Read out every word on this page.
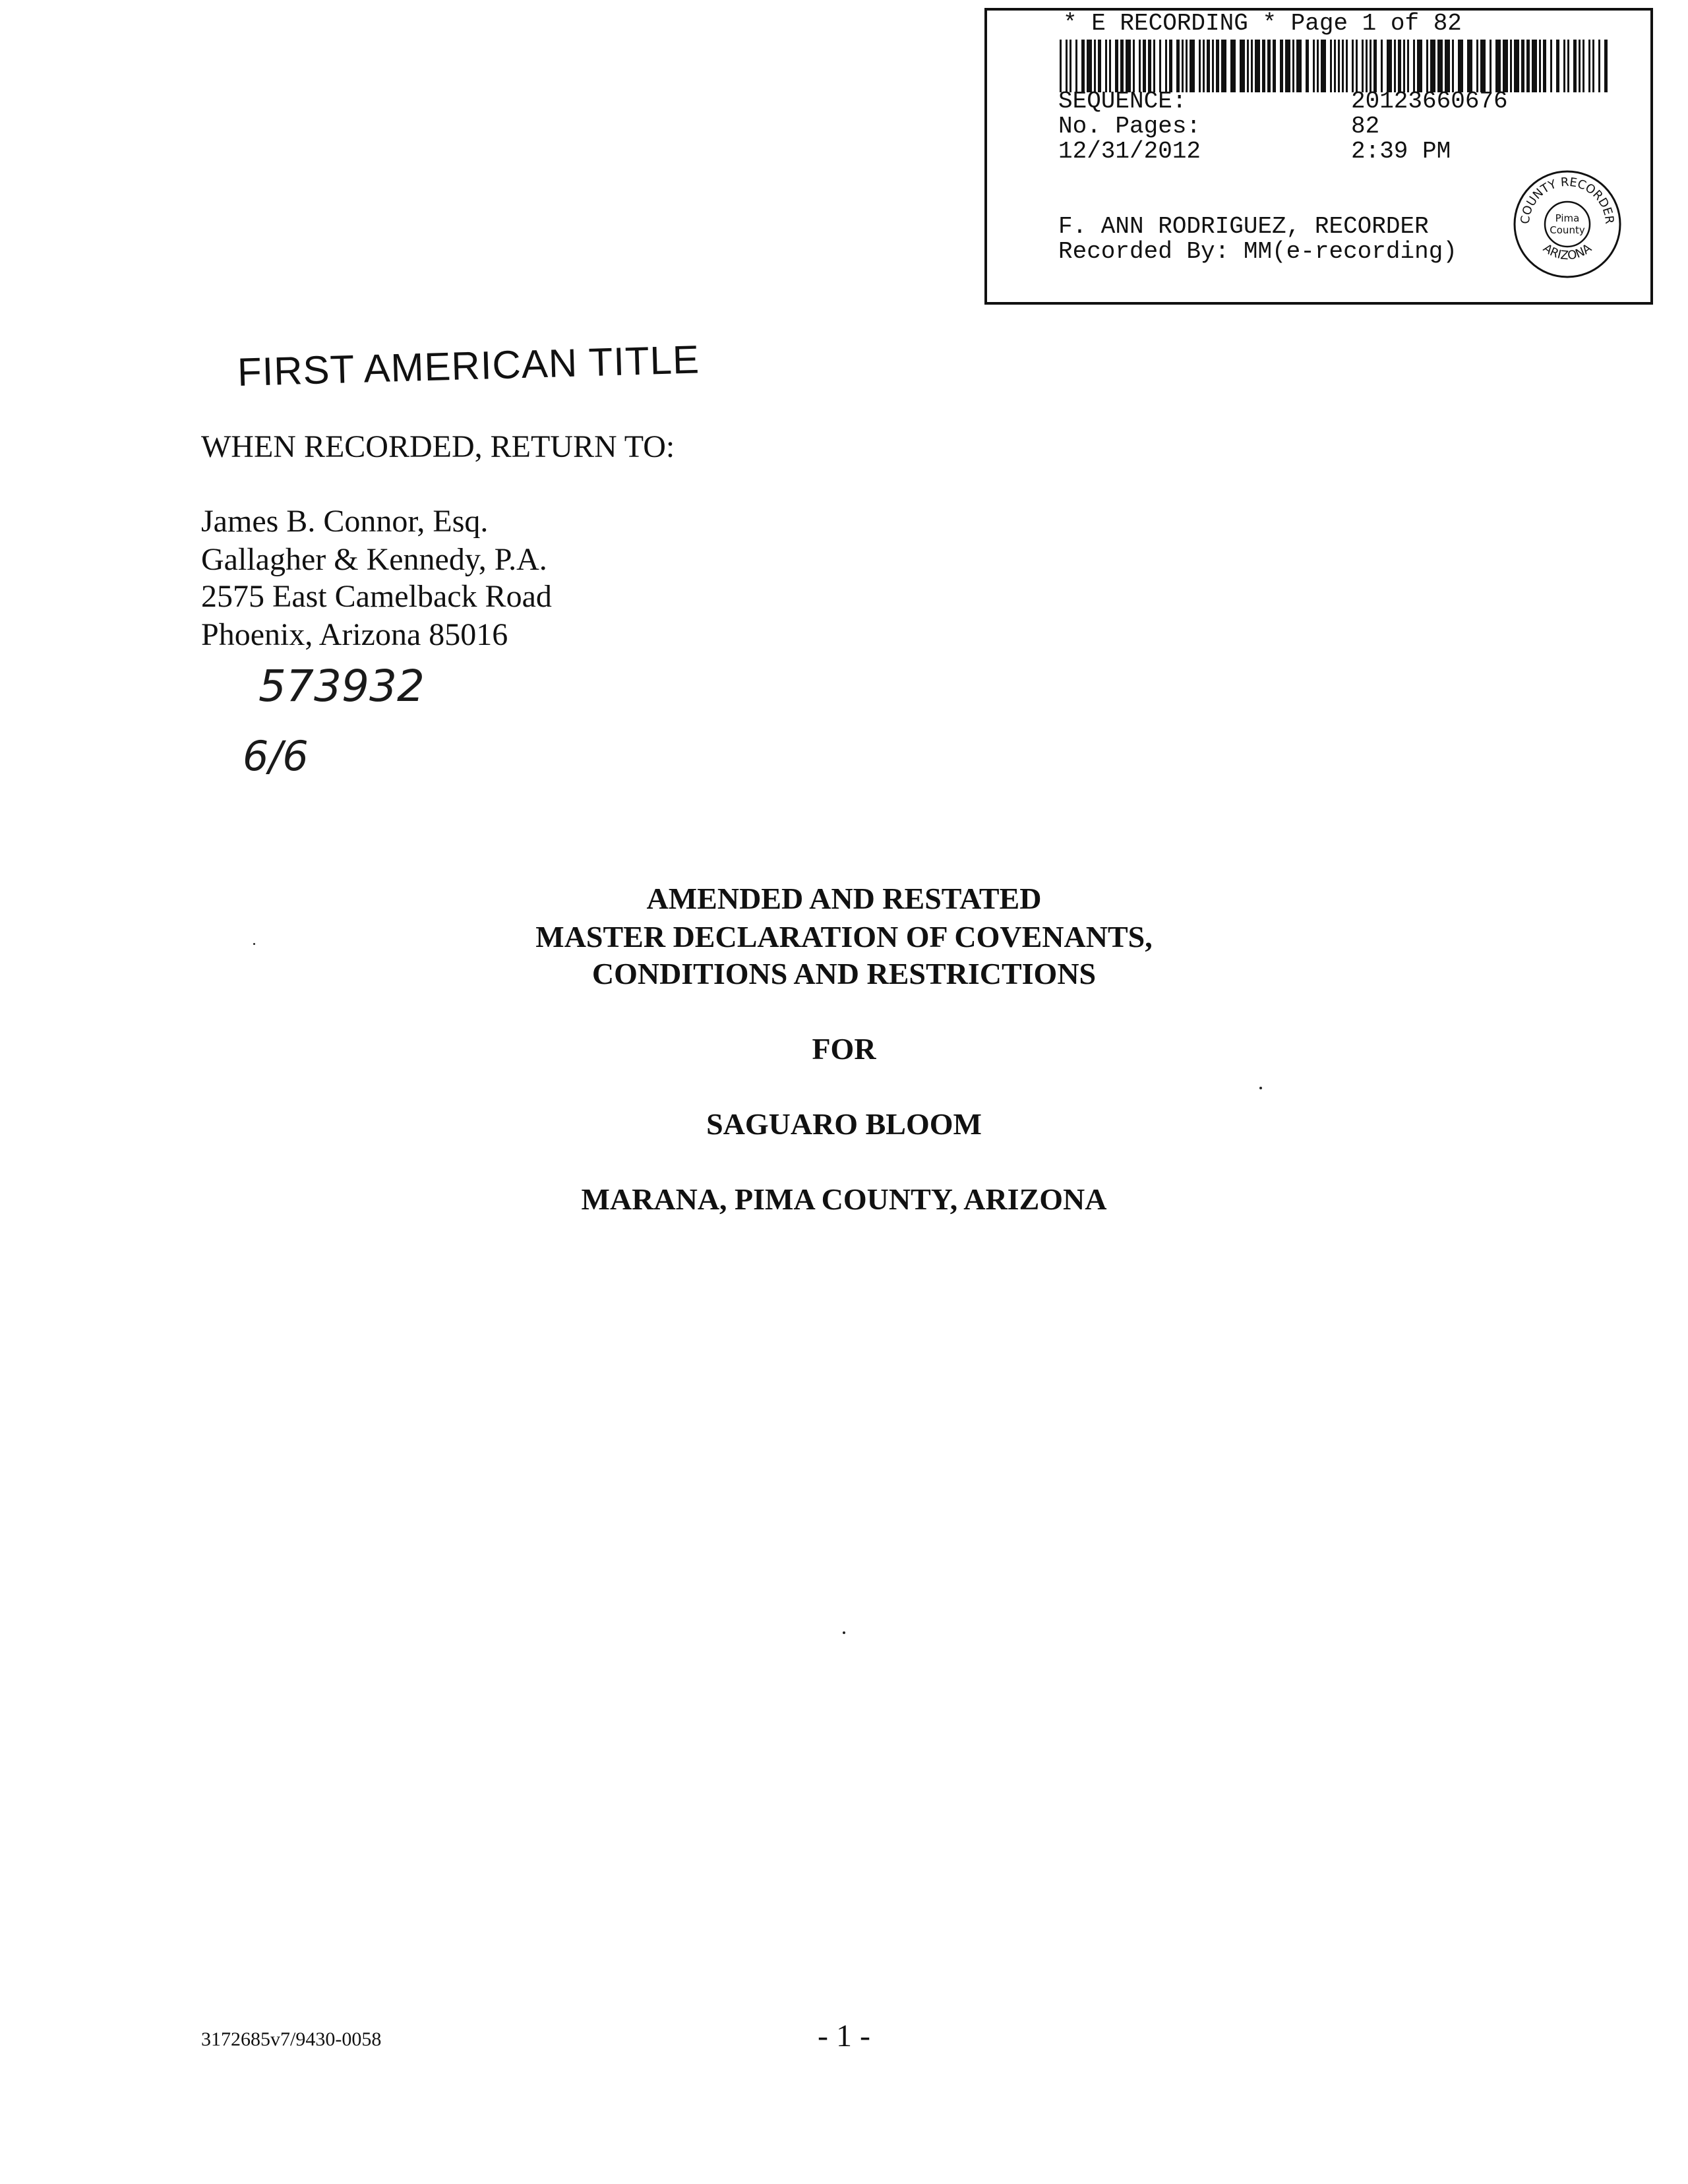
* E RECORDING * Page 1 of 82
SEQUENCE:	20123660676
No. Pages:	82
12/31/2012	2:39 PM
F. ANN RODRIGUEZ, RECORDER
Recorded By: MM(e-recording)
COUNTY RECORDER
ARIZONA
Pima
County
FIRST AMERICAN TITLE
WHEN RECORDED, RETURN TO:
James B. Connor, Esq.
Gallagher & Kennedy, P.A.
2575 East Camelback Road
Phoenix, Arizona 85016
573932
6/6
AMENDED AND RESTATED
MASTER DECLARATION OF COVENANTS,
CONDITIONS AND RESTRICTIONS
FOR
SAGUARO BLOOM
MARANA, PIMA COUNTY, ARIZONA
3172685v7/9430-0058	- 1 -
